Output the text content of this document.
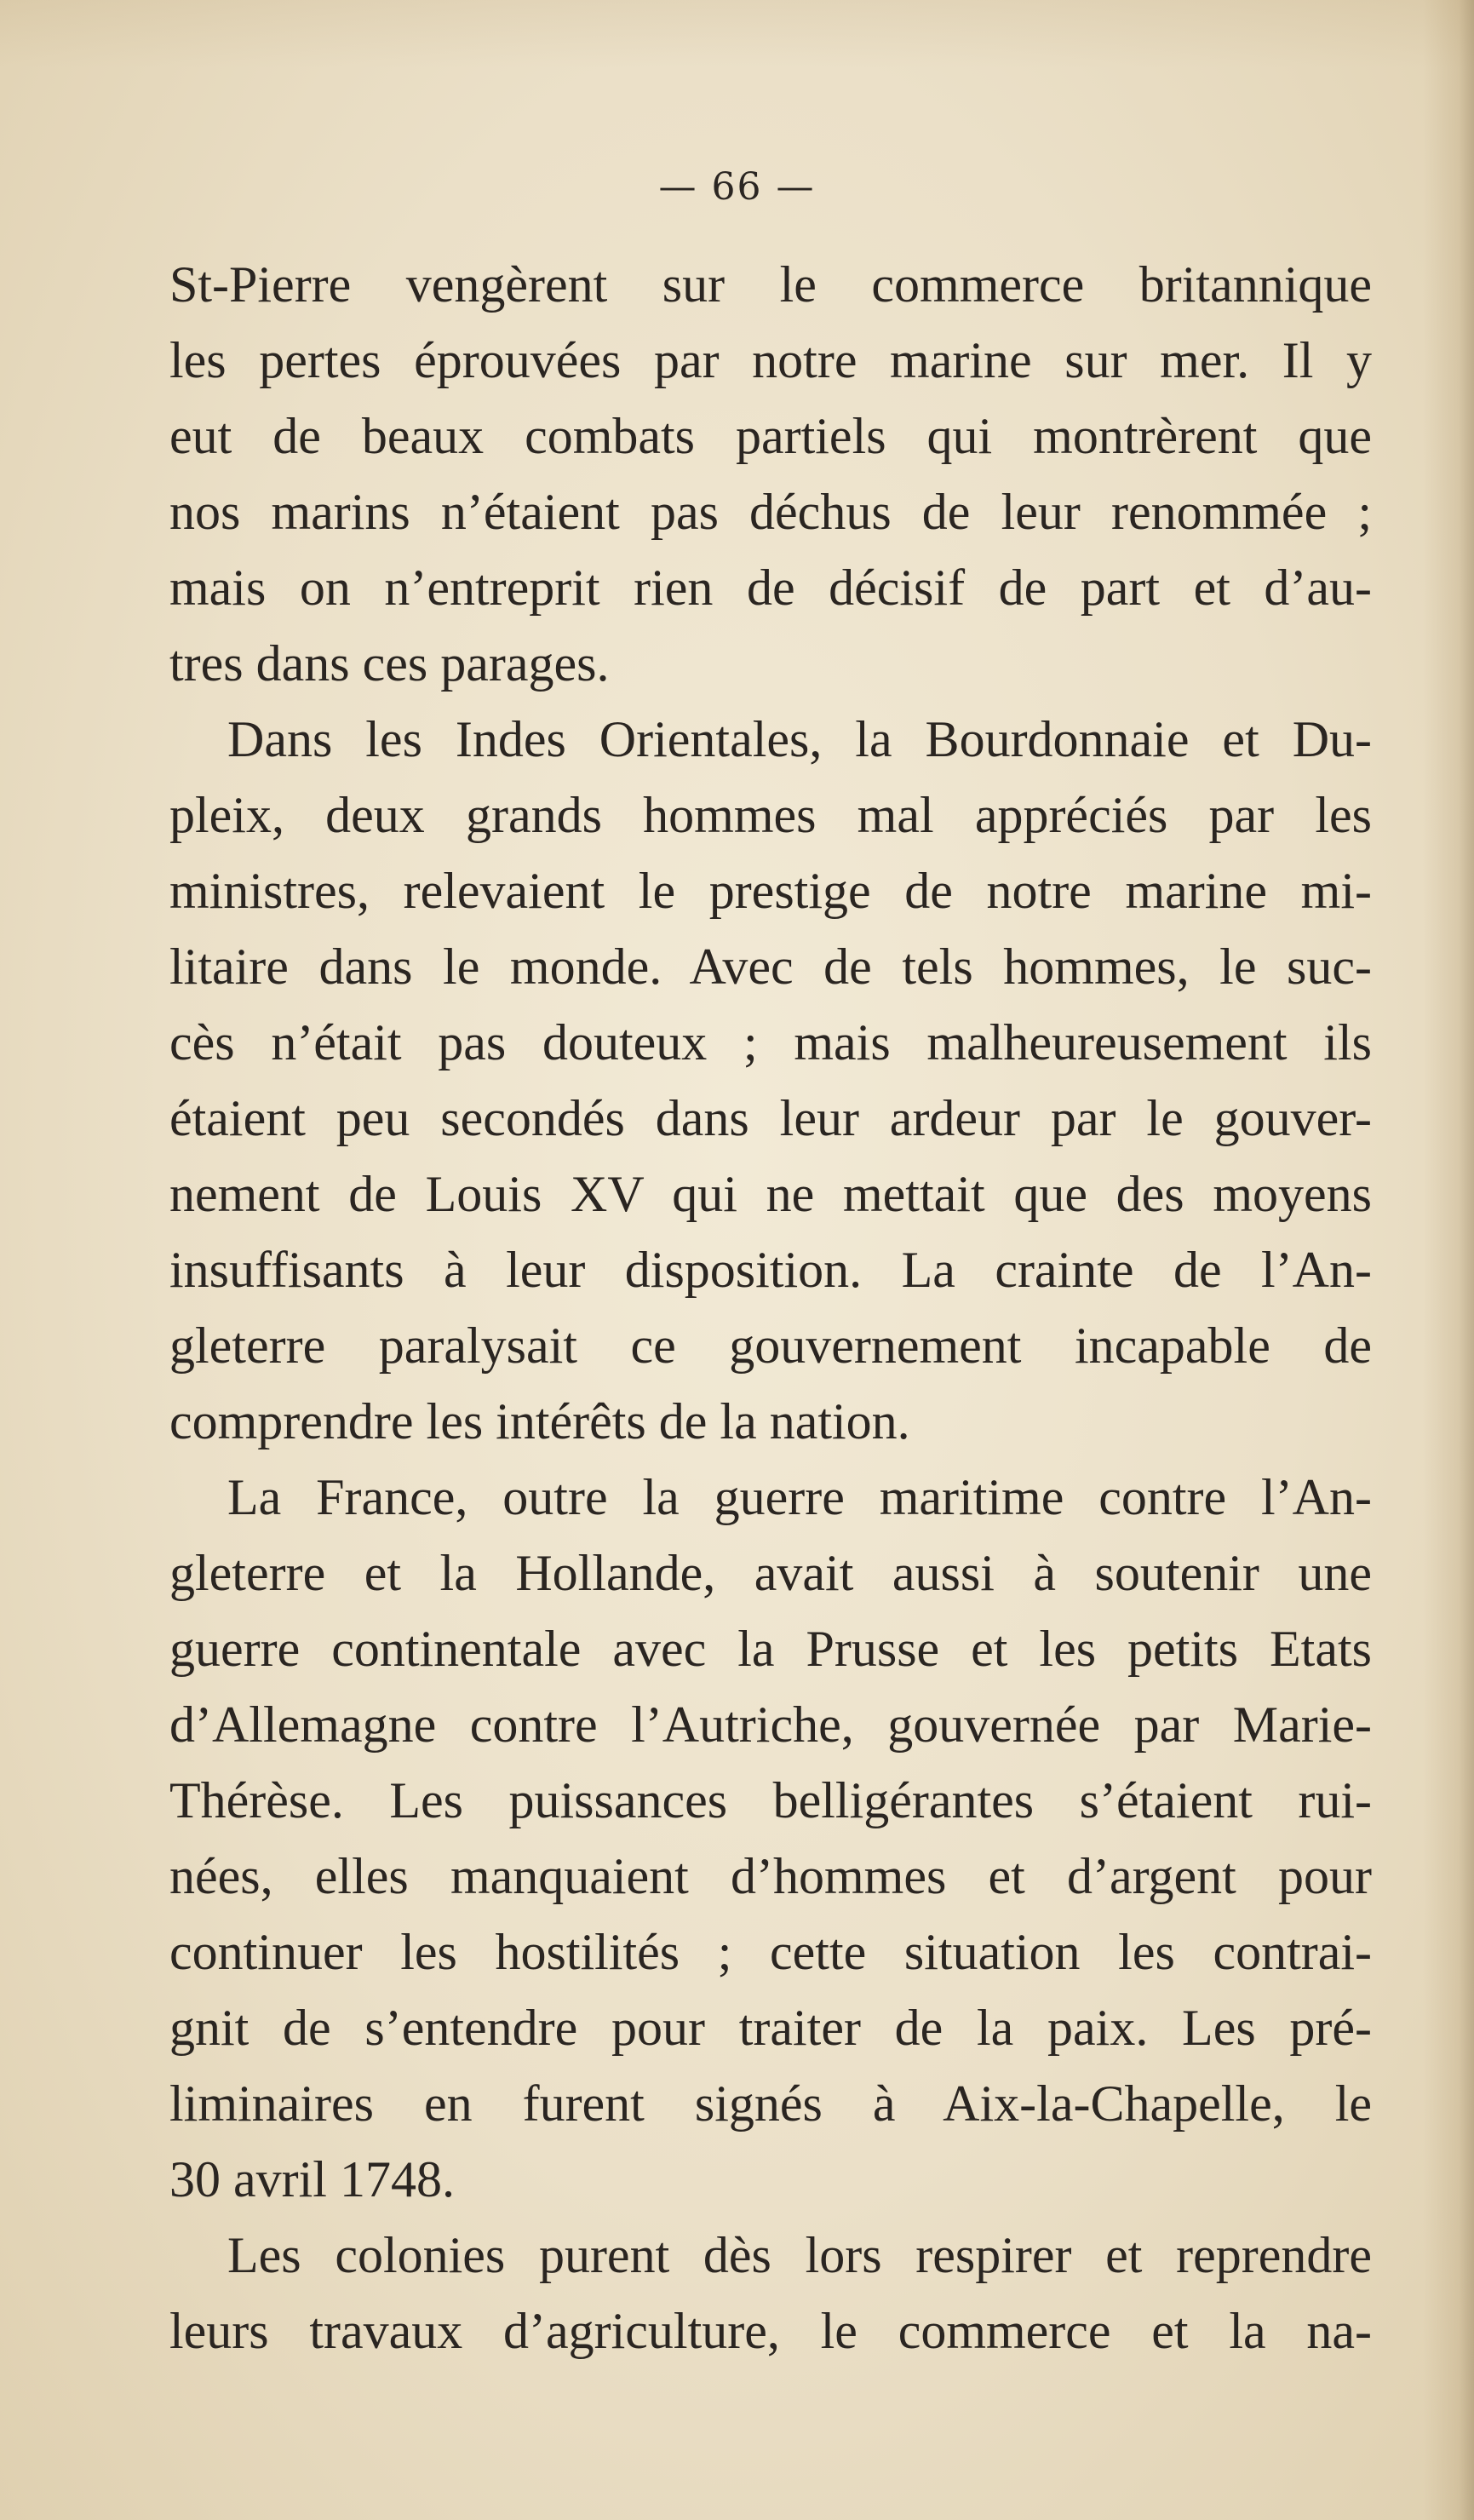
— 66 —
St-Pierre vengèrent sur le commerce britannique
les pertes éprouvées par notre marine sur mer. Il y
eut de beaux combats partiels qui montrèrent que
nos marins n’étaient pas déchus de leur renommée ;
mais on n’entreprit rien de décisif de part et d’au-
tres dans ces parages.
Dans les Indes Orientales, la Bourdonnaie et Du-
pleix, deux grands hommes mal appréciés par les
ministres, relevaient le prestige de notre marine mi-
litaire dans le monde. Avec de tels hommes, le suc-
cès n’était pas douteux ; mais malheureusement ils
étaient peu secondés dans leur ardeur par le gouver-
nement de Louis XV qui ne mettait que des moyens
insuffisants à leur disposition. La crainte de l’An-
gleterre paralysait ce gouvernement incapable de
comprendre les intérêts de la nation.
La France, outre la guerre maritime contre l’An-
gleterre et la Hollande, avait aussi à soutenir une
guerre continentale avec la Prusse et les petits Etats
d’Allemagne contre l’Autriche, gouvernée par Marie-
Thérèse. Les puissances belligérantes s’étaient rui-
nées, elles manquaient d’hommes et d’argent pour
continuer les hostilités ; cette situation les contrai-
gnit de s’entendre pour traiter de la paix. Les pré-
liminaires en furent signés à Aix-la-Chapelle, le
30 avril 1748.
Les colonies purent dès lors respirer et reprendre
leurs travaux d’agriculture, le commerce et la na-
